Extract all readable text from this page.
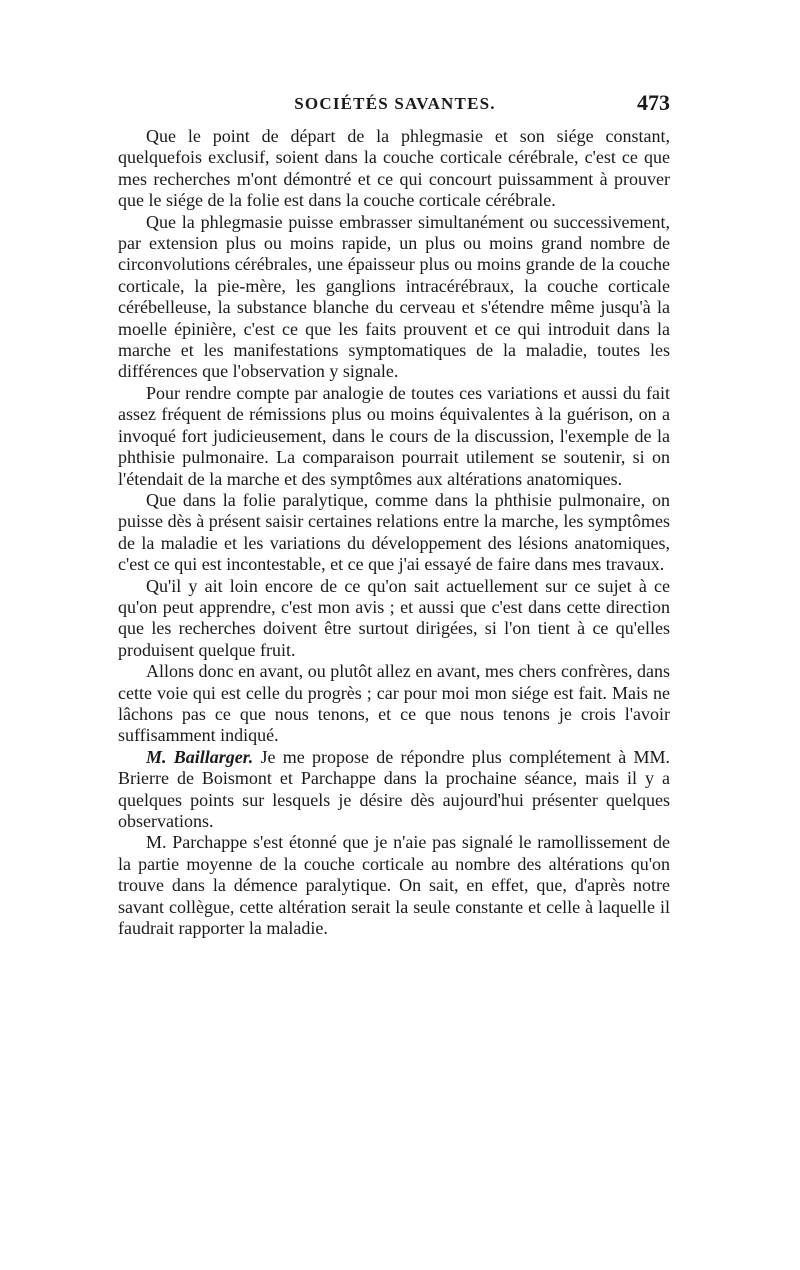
SOCIÉTÉS SAVANTES.	473

Que le point de départ de la phlegmasie et son siége constant, quelquefois exclusif, soient dans la couche corticale cérébrale, c'est ce que mes recherches m'ont démontré et ce qui concourt puissamment à prouver que le siége de la folie est dans la couche corticale cérébrale.

Que la phlegmasie puisse embrasser simultanément ou successivement, par extension plus ou moins rapide, un plus ou moins grand nombre de circonvolutions cérébrales, une épaisseur plus ou moins grande de la couche corticale, la pie-mère, les ganglions intracérébraux, la couche corticale cérébelleuse, la substance blanche du cerveau et s'étendre même jusqu'à la moelle épinière, c'est ce que les faits prouvent et ce qui introduit dans la marche et les manifestations symptomatiques de la maladie, toutes les différences que l'observation y signale.

Pour rendre compte par analogie de toutes ces variations et aussi du fait assez fréquent de rémissions plus ou moins équivalentes à la guérison, on a invoqué fort judicieusement, dans le cours de la discussion, l'exemple de la phthisie pulmonaire. La comparaison pourrait utilement se soutenir, si on l'étendait de la marche et des symptômes aux altérations anatomiques.

Que dans la folie paralytique, comme dans la phthisie pulmonaire, on puisse dès à présent saisir certaines relations entre la marche, les symptômes de la maladie et les variations du développement des lésions anatomiques, c'est ce qui est incontestable, et ce que j'ai essayé de faire dans mes travaux.

Qu'il y ait loin encore de ce qu'on sait actuellement sur ce sujet à ce qu'on peut apprendre, c'est mon avis ; et aussi que c'est dans cette direction que les recherches doivent être surtout dirigées, si l'on tient à ce qu'elles produisent quelque fruit.

Allons donc en avant, ou plutôt allez en avant, mes chers confrères, dans cette voie qui est celle du progrès ; car pour moi mon siége est fait. Mais ne lâchons pas ce que nous tenons, et ce que nous tenons je crois l'avoir suffisamment indiqué.

M. Baillarger. Je me propose de répondre plus complétement à MM. Brierre de Boismont et Parchappe dans la prochaine séance, mais il y a quelques points sur lesquels je désire dès aujourd'hui présenter quelques observations.

M. Parchappe s'est étonné que je n'aie pas signalé le ramollissement de la partie moyenne de la couche corticale au nombre des altérations qu'on trouve dans la démence paralytique. On sait, en effet, que, d'après notre savant collègue, cette altération serait la seule constante et celle à laquelle il faudrait rapporter la maladie.
